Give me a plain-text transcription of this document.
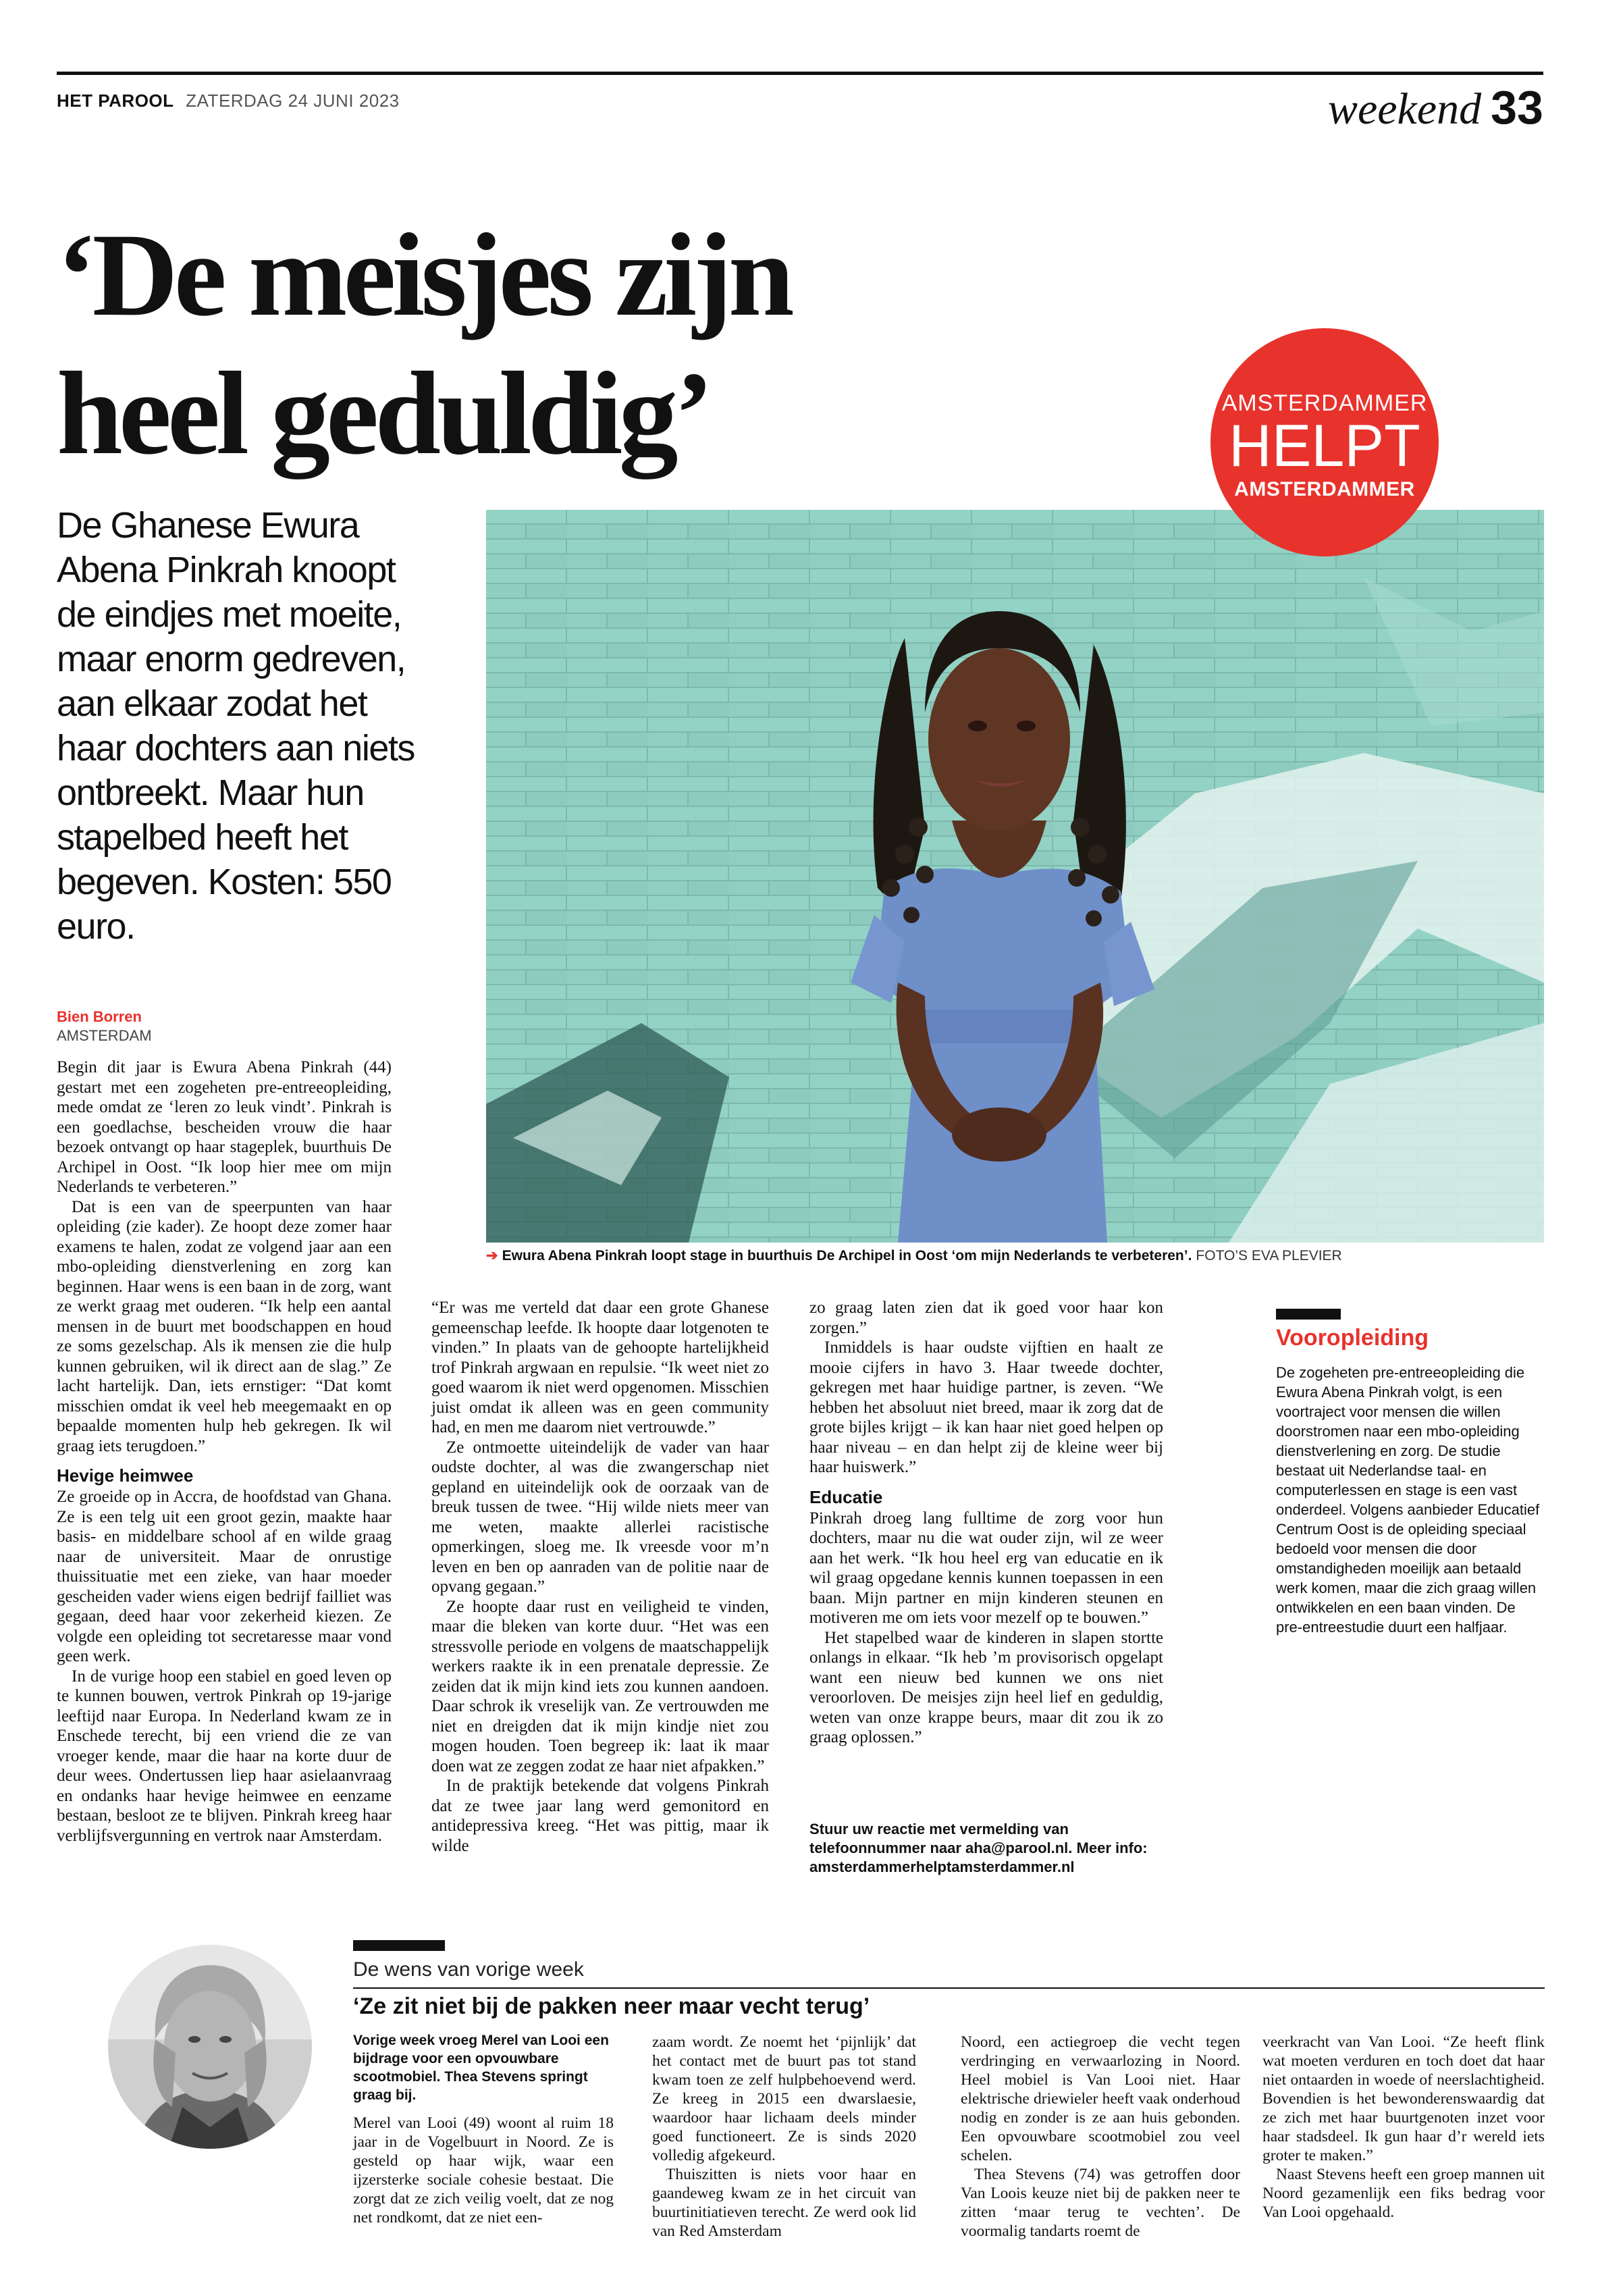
HET PAROOL ZATERDAG 24 JUNI 2023	weekend 33
‘De meisjes zijn
heel geduldig’

De Ghanese Ewura Abena Pinkrah knoopt de eindjes met moeite, maar enorm gedreven, aan elkaar zodat het haar dochters aan niets ontbreekt. Maar hun stapelbed heeft het begeven. Kosten: 550 euro.

➔ Ewura Abena Pinkrah loopt stage in buurthuis De Archipel in Oost ‘om mijn Nederlands te verbeteren’. FOTO’S EVA PLEVIER
AMSTERDAMMER
HELPT
AMSTERDAMMER
Bien Borren
AMSTERDAM

Begin dit jaar is Ewura Abena Pinkrah (44) gestart met een zogeheten pre-entreeopleiding, mede omdat ze ‘leren zo leuk vindt’. Pinkrah is een goedlachse, bescheiden vrouw die haar bezoek ontvangt op haar stageplek, buurthuis De Archipel in Oost. “Ik loop hier mee om mijn Nederlands te verbeteren.”

Dat is een van de speerpunten van haar opleiding (zie kader). Ze hoopt deze zomer haar examens te halen, zodat ze volgend jaar aan een mbo-opleiding dienstverlening en zorg kan beginnen. Haar wens is een baan in de zorg, want ze werkt graag met ouderen. “Ik help een aantal mensen in de buurt met boodschappen en houd ze soms gezelschap. Als ik mensen zie die hulp kunnen gebruiken, wil ik direct aan de slag.” Ze lacht hartelijk. Dan, iets ernstiger: “Dat komt misschien omdat ik veel heb meegemaakt en op bepaalde momenten hulp heb gekregen. Ik wil graag iets terugdoen.”

Hevige heimwee

Ze groeide op in Accra, de hoofdstad van Ghana. Ze is een telg uit een groot gezin, maakte haar basis- en middelbare school af en wilde graag naar de universiteit. Maar de onrustige thuissituatie met een zieke, van haar moeder gescheiden vader wiens eigen bedrijf failliet was gegaan, deed haar voor zekerheid kiezen. Ze volgde een opleiding tot secretaresse maar vond geen werk.

In de vurige hoop een stabiel en goed leven op te kunnen bouwen, vertrok Pinkrah op 19-jarige leeftijd naar Europa. In Nederland kwam ze in Enschede terecht, bij een vriend die ze van vroeger kende, maar die haar na korte duur de deur wees. Ondertussen liep haar asielaanvraag en ondanks haar hevige heimwee en eenzame bestaan, besloot ze te blijven. Pinkrah kreeg haar verblijfsvergunning en vertrok naar Amsterdam.

“Er was me verteld dat daar een grote Ghanese gemeenschap leefde. Ik hoopte daar lotgenoten te vinden.” In plaats van de gehoopte hartelijkheid trof Pinkrah argwaan en repulsie. “Ik weet niet zo goed waarom ik niet werd opgenomen. Misschien juist omdat ik alleen was en geen community had, en men me daarom niet vertrouwde.”

Ze ontmoette uiteindelijk de vader van haar oudste dochter, al was die zwangerschap niet gepland en uiteindelijk ook de oorzaak van de breuk tussen de twee. “Hij wilde niets meer van me weten, maakte allerlei racistische opmerkingen, sloeg me. Ik vreesde voor m’n leven en ben op aanraden van de politie naar de opvang gegaan.”

Ze hoopte daar rust en veiligheid te vinden, maar die bleken van korte duur. “Het was een stressvolle periode en volgens de maatschappelijk werkers raakte ik in een prenatale depressie. Ze zeiden dat ik mijn kind iets zou kunnen aandoen. Daar schrok ik vreselijk van. Ze vertrouwden me niet en dreigden dat ik mijn kindje niet zou mogen houden. Toen begreep ik: laat ik maar doen wat ze zeggen zodat ze haar niet afpakken.”

In de praktijk betekende dat volgens Pinkrah dat ze twee jaar lang werd gemonitord en antidepressiva kreeg. “Het was pittig, maar ik wilde

zo graag laten zien dat ik goed voor haar kon zorgen.”

Inmiddels is haar oudste vijftien en haalt ze mooie cijfers in havo 3. Haar tweede dochter, gekregen met haar huidige partner, is zeven. “We hebben het absoluut niet breed, maar ik zorg dat de grote bijles krijgt – ik kan haar niet goed helpen op haar niveau – en dan helpt zij de kleine weer bij haar huiswerk.”

Educatie

Pinkrah droeg lang fulltime de zorg voor hun dochters, maar nu die wat ouder zijn, wil ze weer aan het werk. “Ik hou heel erg van educatie en ik wil graag opgedane kennis kunnen toepassen in een baan. Mijn partner en mijn kinderen steunen en motiveren me om iets voor mezelf op te bouwen.”

Het stapelbed waar de kinderen in slapen stortte onlangs in elkaar. “Ik heb ’m provisorisch opgelapt want een nieuw bed kunnen we ons niet veroorloven. De meisjes zijn heel lief en geduldig, weten van onze krappe beurs, maar dit zou ik zo graag oplossen.”

Stuur uw reactie met vermelding van telefoonnummer naar aha@parool.nl. Meer info: amsterdammerhelptamsterdammer.nl
Vooropleiding
De zogeheten pre-entreeopleiding die Ewura Abena Pinkrah volgt, is een voortraject voor mensen die willen doorstromen naar een mbo-opleiding dienstverlening en zorg. De studie bestaat uit Nederlandse taal- en computerlessen en stage is een vast onderdeel. Volgens aanbieder Educatief Centrum Oost is de opleiding speciaal bedoeld voor mensen die door omstandigheden moeilijk aan betaald werk komen, maar die zich graag willen ontwikkelen en een baan vinden. De pre-entreestudie duurt een halfjaar.
De wens van vorige week
‘Ze zit niet bij de pakken neer maar vecht terug’
Vorige week vroeg Merel van Looi een bijdrage voor een opvouwbare scootmobiel. Thea Stevens springt graag bij.

Merel van Looi (49) woont al ruim 18 jaar in de Vogelbuurt in Noord. Ze is gesteld op haar wijk, waar een ijzersterke sociale cohesie bestaat. Die zorgt dat ze zich veilig voelt, dat ze nog net rondkomt, dat ze niet een-

zaam wordt. Ze noemt het ‘pijnlijk’ dat het contact met de buurt pas tot stand kwam toen ze zelf hulpbehoevend werd. Ze kreeg in 2015 een dwarslaesie, waardoor haar lichaam deels minder goed functioneert. Ze is sinds 2020 volledig afgekeurd.

Thuiszitten is niets voor haar en gaandeweg kwam ze in het circuit van buurtinitiatieven terecht. Ze werd ook lid van Red Amsterdam

Noord, een actiegroep die vecht tegen verdringing en verwaarlozing in Noord. Heel mobiel is Van Looi niet. Haar elektrische driewieler heeft vaak onderhoud nodig en zonder is ze aan huis gebonden. Een opvouwbare scootmobiel zou veel schelen.

Thea Stevens (74) was getroffen door Van Loois keuze niet bij de pakken neer te zitten ‘maar terug te vechten’. De voormalig tandarts roemt de

veerkracht van Van Looi. “Ze heeft flink wat moeten verduren en toch doet dat haar niet ontaarden in woede of neerslachtigheid. Bovendien is het bewonderenswaardig dat ze zich met haar buurtgenoten inzet voor haar stadsdeel. Ik gun haar d’r wereld iets groter te maken.”

Naast Stevens heeft een groep mannen uit Noord gezamenlijk een fiks bedrag voor Van Looi opgehaald.
